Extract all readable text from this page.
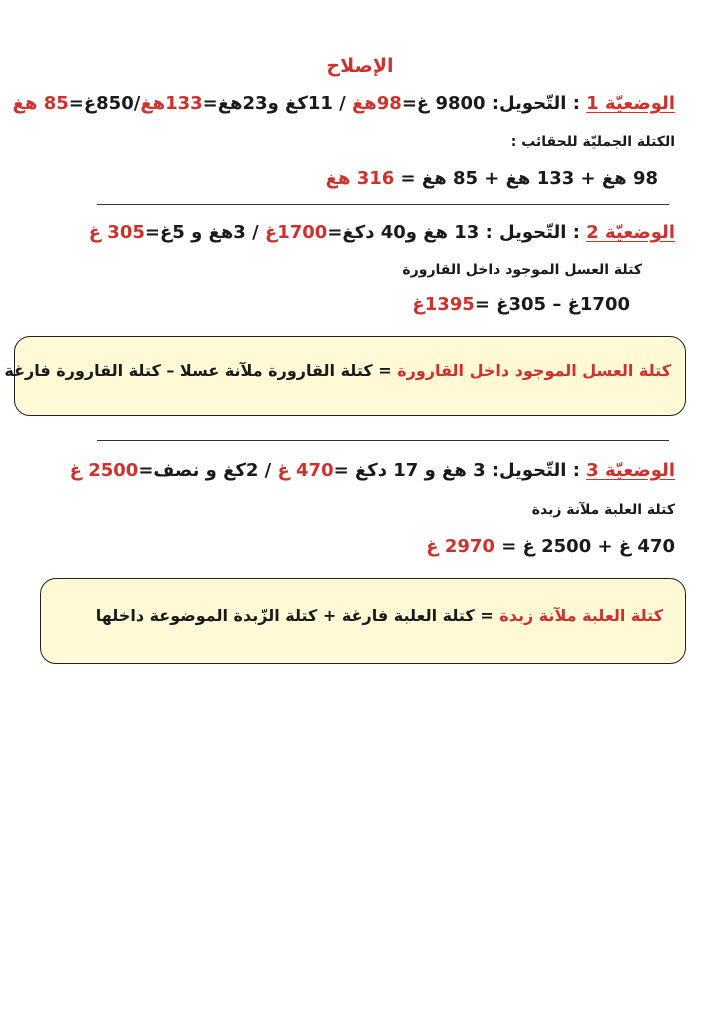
الإصلاح
الوضعيّة 1 : التّحويل: 9800 غ=98هغ / 11كغ و23هغ=133هغ/850غ=85 هغ
الكتلة الجمليّة للحقائب :
98 هغ + 133 هغ + 85 هغ = 316 هغ
الوضعيّة 2 : التّحويل : 13 هغ و40 دكغ=1700غ / 3هغ و 5غ=305 غ
كتلة العسل الموجود داخل القارورة
1700غ – 305غ =1395غ
كتلة العسل الموجود داخل القارورة = كتلة القارورة ملآنة عسلا – كتلة القارورة فارغة
الوضعيّة 3 : التّحويل: 3 هغ و 17 دكغ =470 غ / 2كغ و نصف=2500 غ
كتلة العلبة ملآنة زبدة
470 غ + 2500 غ = 2970 غ
كتلة العلبة ملآنة زبدة = كتلة العلبة فارغة + كتلة الزّبدة الموضوعة داخلها
